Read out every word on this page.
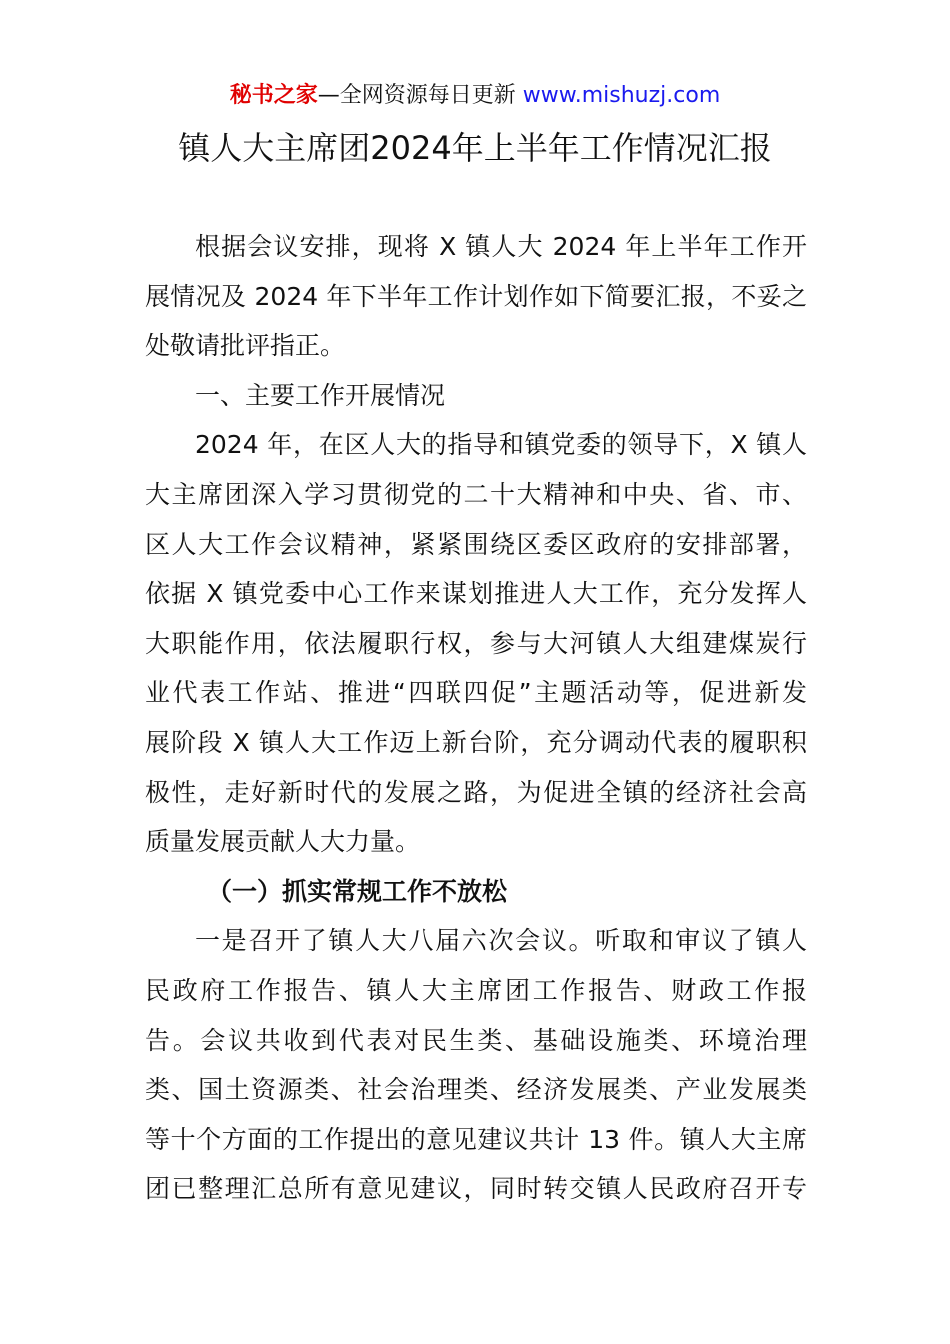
秘书之家—全网资源每日更新 www.mishuzj.com
镇人大主席团2024年上半年工作情况汇报
根据会议安排，现将 X 镇人大 2024 年上半年工作开
展情况及 2024 年下半年工作计划作如下简要汇报，不妥之
处敬请批评指正。
一、主要工作开展情况
2024 年，在区人大的指导和镇党委的领导下，X 镇人
大主席团深入学习贯彻党的二十大精神和中央、省、市、
区人大工作会议精神，紧紧围绕区委区政府的安排部署，
依据 X 镇党委中心工作来谋划推进人大工作，充分发挥人
大职能作用，依法履职行权，参与大河镇人大组建煤炭行
业代表工作站、推进“四联四促”主题活动等，促进新发
展阶段 X 镇人大工作迈上新台阶，充分调动代表的履职积
极性，走好新时代的发展之路，为促进全镇的经济社会高
质量发展贡献人大力量。
（一）抓实常规工作不放松
一是召开了镇人大八届六次会议。听取和审议了镇人
民政府工作报告、镇人大主席团工作报告、财政工作报
告。会议共收到代表对民生类、基础设施类、环境治理
类、国土资源类、社会治理类、经济发展类、产业发展类
等十个方面的工作提出的意见建议共计 13 件。镇人大主席
团已整理汇总所有意见建议，同时转交镇人民政府召开专
